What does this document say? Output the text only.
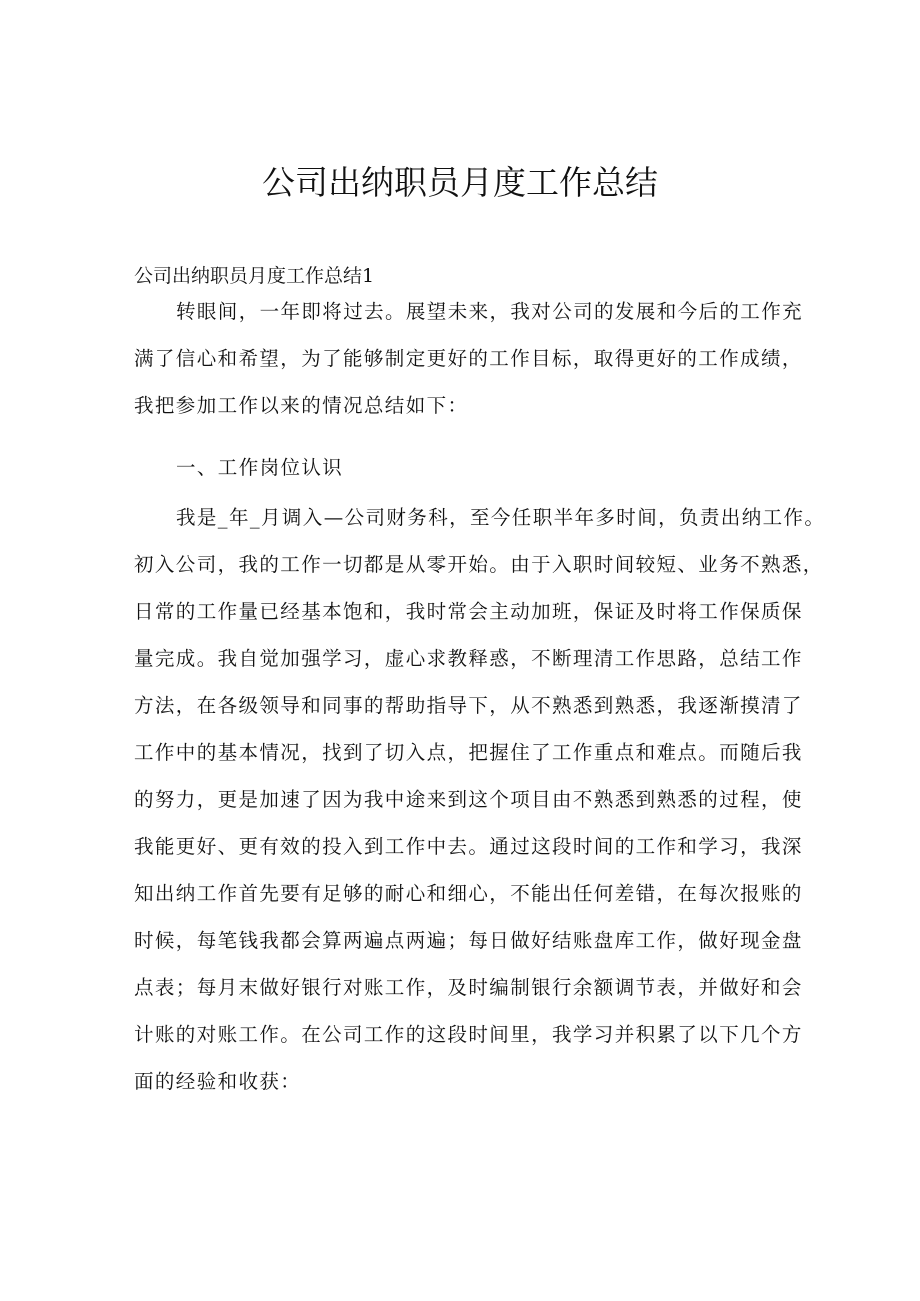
公司出纳职员月度工作总结
公司出纳职员月度工作总结1
转眼间，一年即将过去。展望未来，我对公司的发展和今后的工作充
满了信心和希望，为了能够制定更好的工作目标，取得更好的工作成绩，
我把参加工作以来的情况总结如下：
一、工作岗位认识
我是_年_月调入—公司财务科，至今任职半年多时间，负责出纳工作。
初入公司，我的工作一切都是从零开始。由于入职时间较短、业务不熟悉，
日常的工作量已经基本饱和，我时常会主动加班，保证及时将工作保质保
量完成。我自觉加强学习，虚心求教释惑，不断理清工作思路，总结工作
方法，在各级领导和同事的帮助指导下，从不熟悉到熟悉，我逐渐摸清了
工作中的基本情况，找到了切入点，把握住了工作重点和难点。而随后我
的努力，更是加速了因为我中途来到这个项目由不熟悉到熟悉的过程，使
我能更好、更有效的投入到工作中去。通过这段时间的工作和学习，我深
知出纳工作首先要有足够的耐心和细心，不能出任何差错，在每次报账的
时候，每笔钱我都会算两遍点两遍；每日做好结账盘库工作，做好现金盘
点表；每月末做好银行对账工作，及时编制银行余额调节表，并做好和会
计账的对账工作。在公司工作的这段时间里，我学习并积累了以下几个方
面的经验和收获：
